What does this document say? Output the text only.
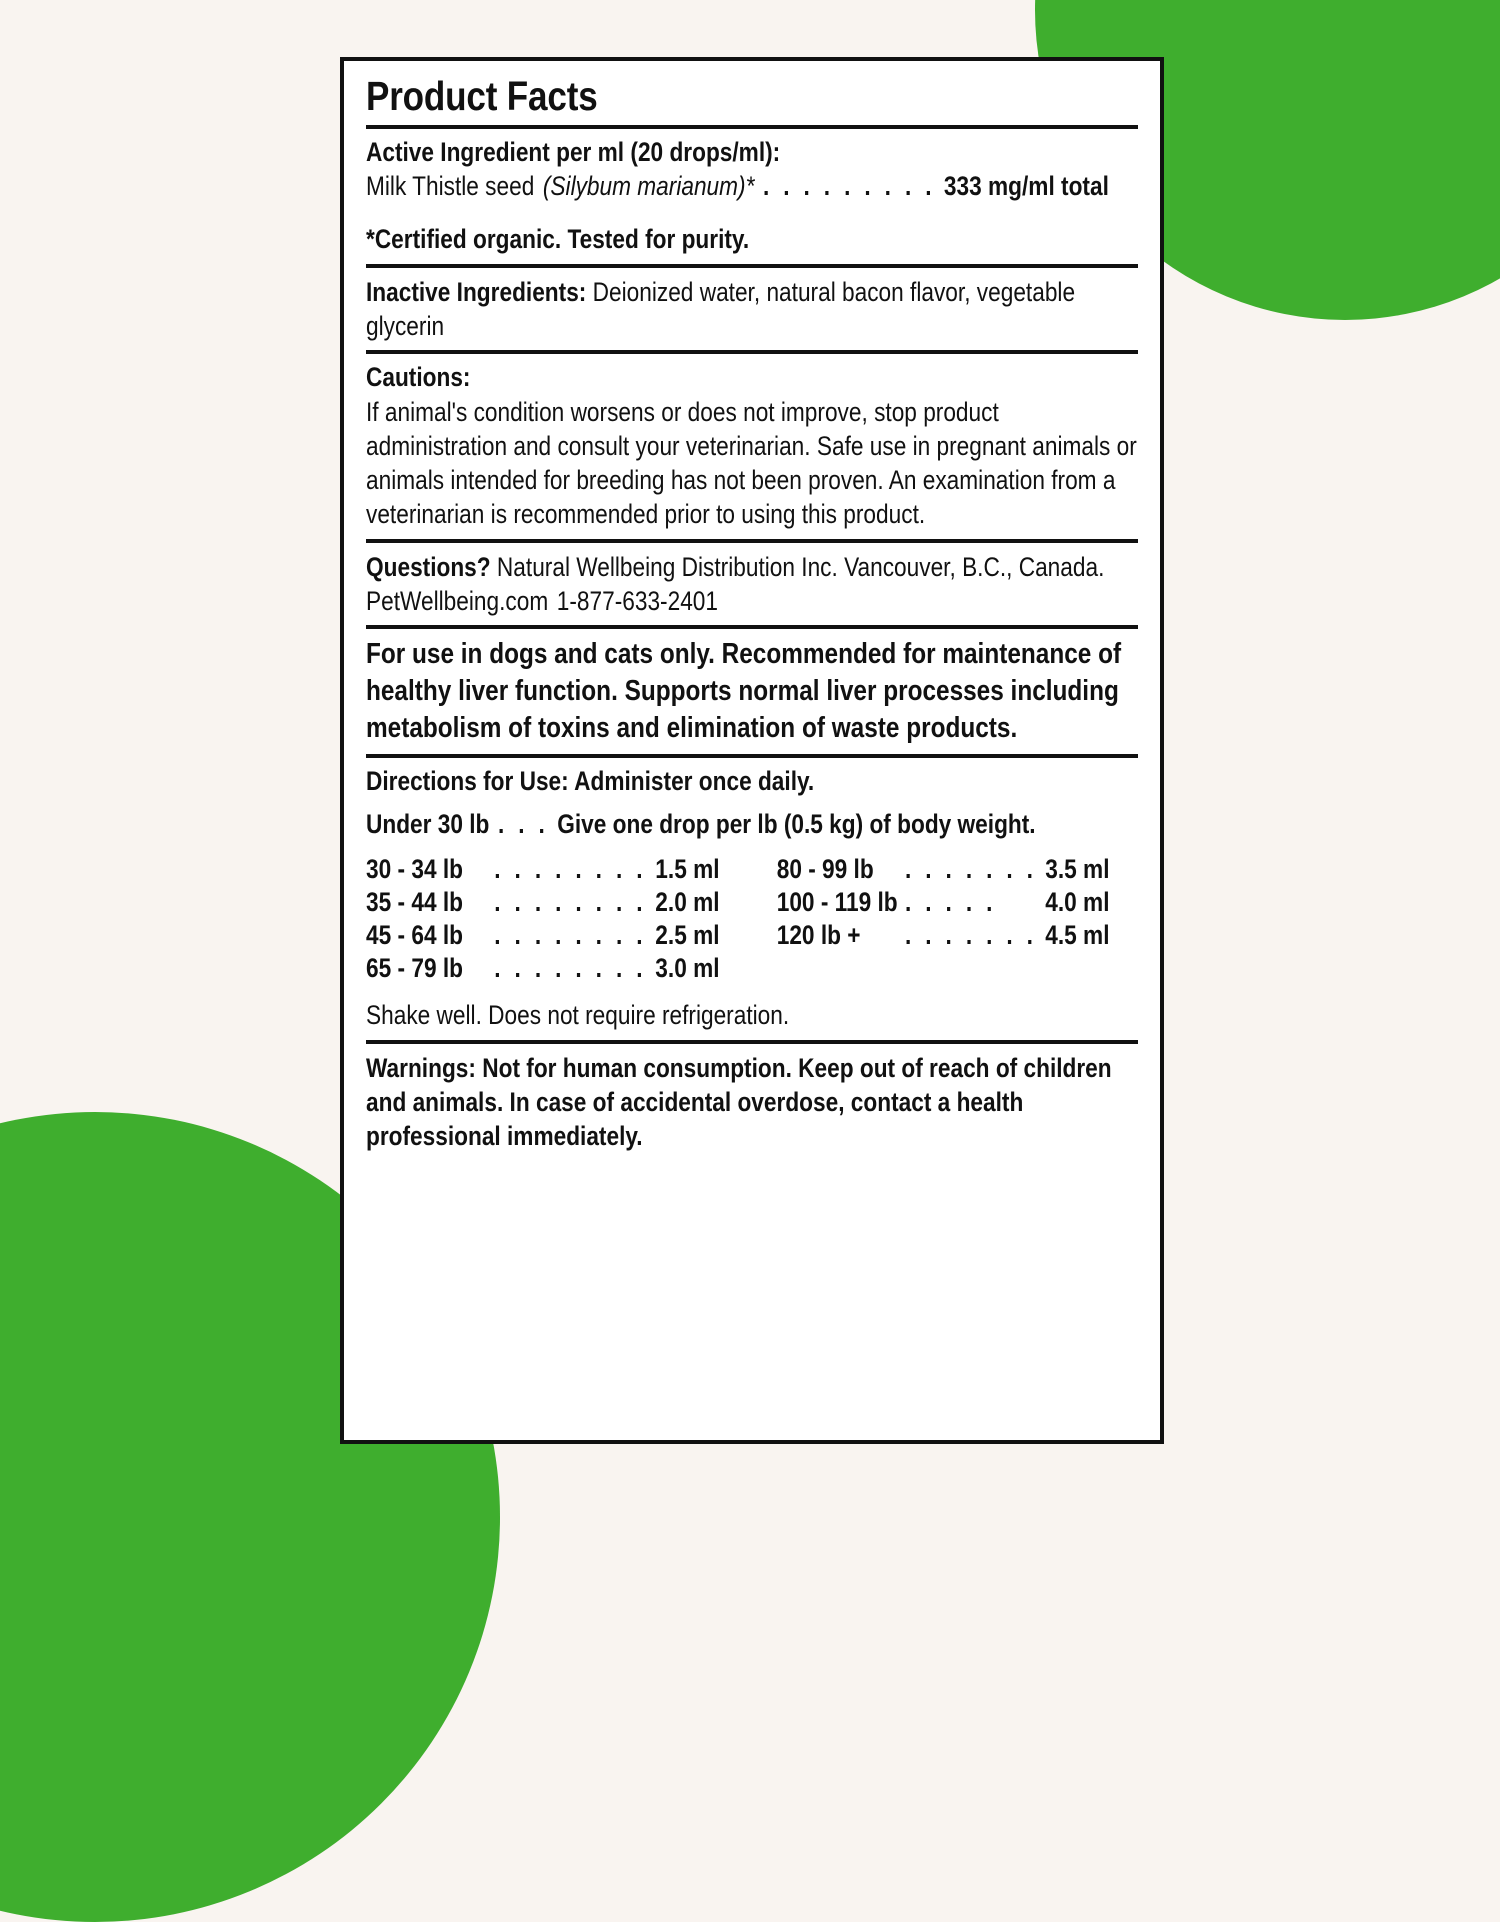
Product Facts

Active Ingredient per ml (20 drops/ml):

Milk Thistle seed (Silybum marianum)* . . . . . . . . . 333 mg/ml total

*Certified organic. Tested for purity.

Inactive Ingredients: Deionized water, natural bacon flavor, vegetable glycerin

Cautions:

If animal's condition worsens or does not improve, stop product administration and consult your veterinarian. Safe use in pregnant animals or animals intended for breeding has not been proven. An examination from a veterinarian is recommended prior to using this product.

Questions? Natural Wellbeing Distribution Inc. Vancouver, B.C., Canada. PetWellbeing.com 1-877-633-2401

For use in dogs and cats only. Recommended for maintenance of healthy liver function. Supports normal liver processes including metabolism of toxins and elimination of waste products.

Directions for Use: Administer once daily.

Under 30 lb . . . Give one drop per lb (0.5 kg) of body weight.

30 - 34 lb	. . . . . . . .	1.5 ml		80 - 99 lb	. . . . . . .	3.5 ml
35 - 44 lb	. . . . . . . .	2.0 ml		100 - 119 lb	. . . . .	4.0 ml
45 - 64 lb	. . . . . . . .	2.5 ml		120 lb +	. . . . . . .	4.5 ml
65 - 79 lb	. . . . . . . .	3.0 ml				

Shake well. Does not require refrigeration.

Warnings: Not for human consumption. Keep out of reach of children and animals. In case of accidental overdose, contact a health professional immediately.
